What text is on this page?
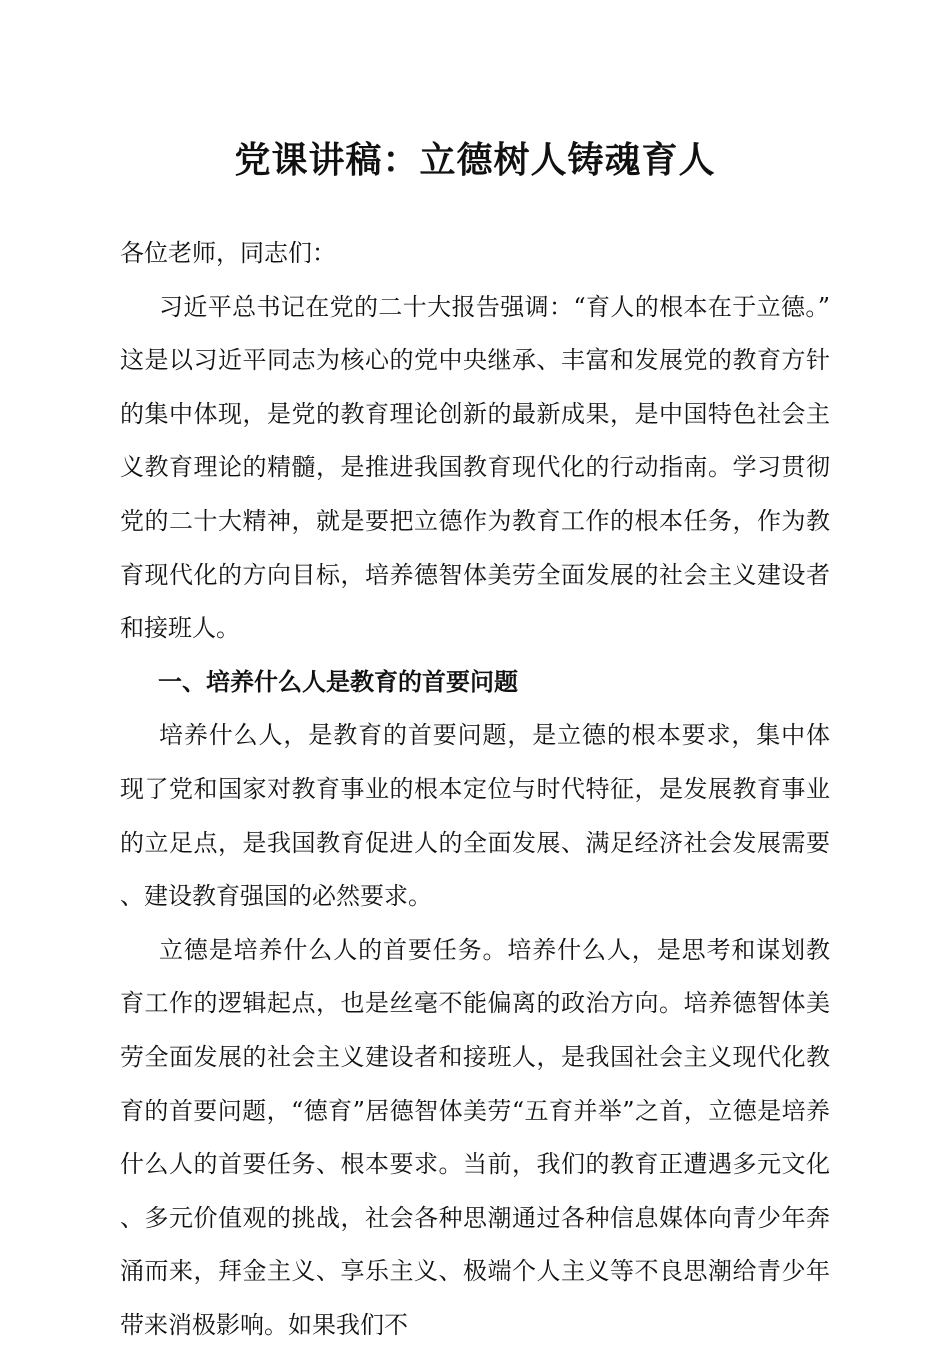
党课讲稿：立德树人铸魂育人

各位老师，同志们：

习近平总书记在党的二十大报告强调：“育人的根本在于立德。”这是以习近平同志为核心的党中央继承、丰富和发展党的教育方针的集中体现，是党的教育理论创新的最新成果，是中国特色社会主义教育理论的精髓，是推进我国教育现代化的行动指南。学习贯彻党的二十大精神，就是要把立德作为教育工作的根本任务，作为教育现代化的方向目标，培养德智体美劳全面发展的社会主义建设者和接班人。

一、培养什么人是教育的首要问题

培养什么人，是教育的首要问题，是立德的根本要求，集中体现了党和国家对教育事业的根本定位与时代特征，是发展教育事业的立足点，是我国教育促进人的全面发展、满足经济社会发展需要、建设教育强国的必然要求。

立德是培养什么人的首要任务。培养什么人，是思考和谋划教育工作的逻辑起点，也是丝毫不能偏离的政治方向。培养德智体美劳全面发展的社会主义建设者和接班人，是我国社会主义现代化教育的首要问题，“德育”居德智体美劳“五育并举”之首，立德是培养什么人的首要任务、根本要求。当前，我们的教育正遭遇多元文化、多元价值观的挑战，社会各种思潮通过各种信息媒体向青少年奔涌而来，拜金主义、享乐主义、极端个人主义等不良思潮给青少年带来消极影响。如果我们不
